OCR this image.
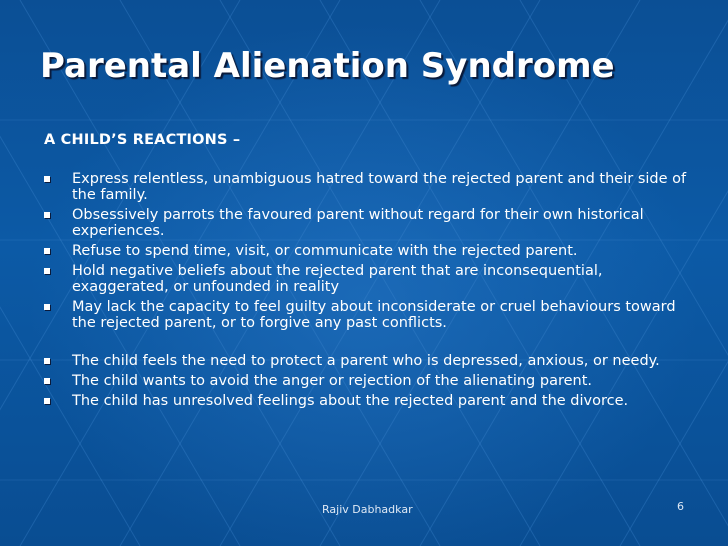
Parental Alienation Syndrome

A CHILD’S REACTIONS –

Express relentless, unambiguous hatred toward the rejected parent and their side of the family.
Obsessively parrots the favoured parent without regard for their own historical experiences.
Refuse to spend time, visit, or communicate with the rejected parent.
Hold negative beliefs about the rejected parent that are inconsequential, exaggerated, or unfounded in reality
May lack the capacity to feel guilty about inconsiderate or cruel behaviours toward the rejected parent, or to forgive any past conflicts.
The child feels the need to protect a parent who is depressed, anxious, or needy.
The child wants to avoid the anger or rejection of the alienating parent.
The child has unresolved feelings about the rejected parent and the divorce.
Rajiv Dabhadkar	6
